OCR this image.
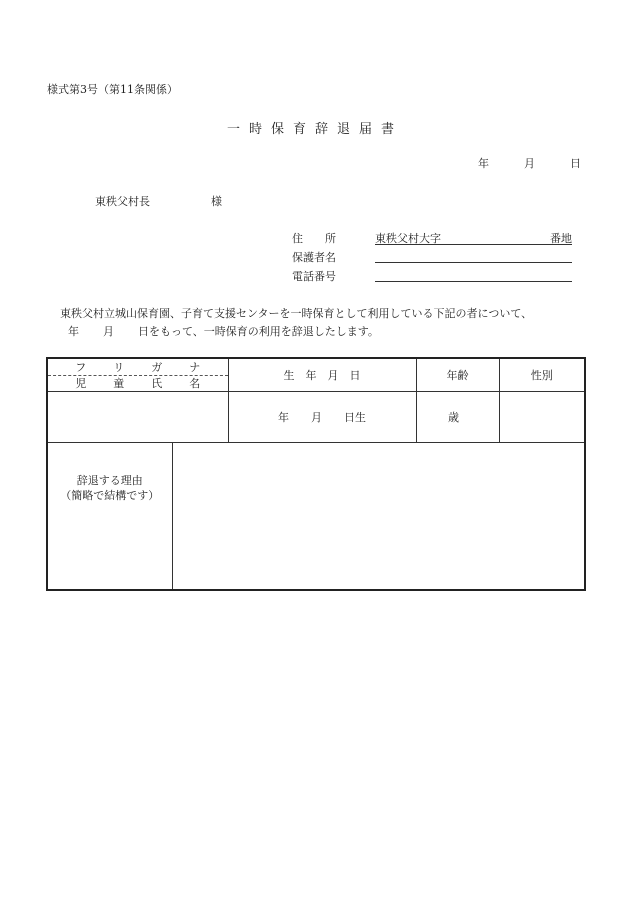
様式第3号（第11条関係）
一時保育辞退届書
年	月	日
東秩父村長	様
住　　所	東秩父村大字	番地
保護者名
電話番号
東秩父村立城山保育園、子育て支援センターを一時保育として利用している下記の者について、
年 月 日をもって、一時保育の利用を辞退したします。
フ リ ガ ナ
児 童 氏 名		生　年　月　日	年齢	性別
		年　　月　　日生	歳	

辞退する理由
（簡略で結構です）				
